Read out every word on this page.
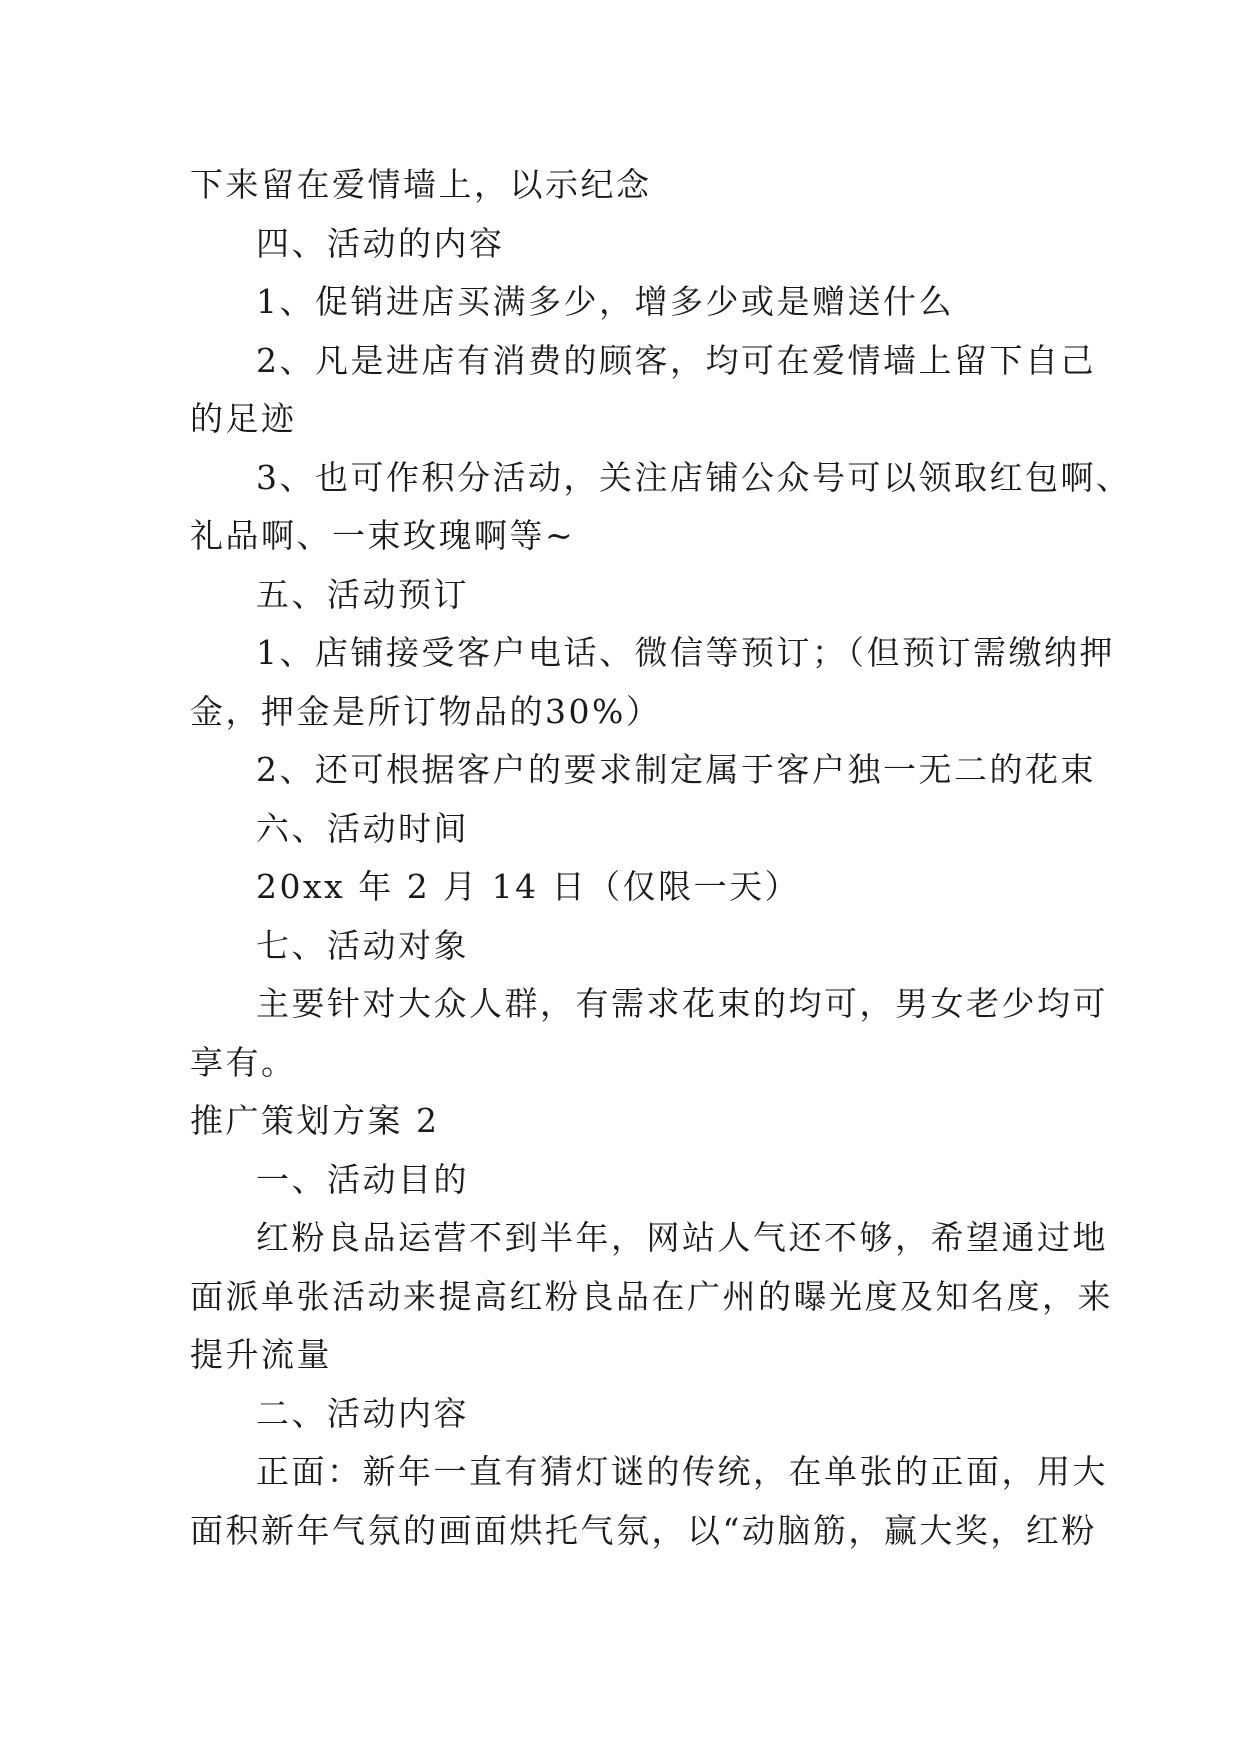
下来留在爱情墙上，以示纪念
四、活动的内容
1、促销进店买满多少，增多少或是赠送什么
2、凡是进店有消费的顾客，均可在爱情墙上留下自己
的足迹
3、也可作积分活动，关注店铺公众号可以领取红包啊、
礼品啊、一束玫瑰啊等~
五、活动预订
1、店铺接受客户电话、微信等预订；（但预订需缴纳押
金，押金是所订物品的30%）
2、还可根据客户的要求制定属于客户独一无二的花束
六、活动时间
20xx 年 2 月 14 日（仅限一天）
七、活动对象
主要针对大众人群，有需求花束的均可，男女老少均可
享有。
推广策划方案 2
一、活动目的
红粉良品运营不到半年，网站人气还不够，希望通过地
面派单张活动来提高红粉良品在广州的曝光度及知名度，来
提升流量
二、活动内容
正面：新年一直有猜灯谜的传统，在单张的正面，用大
面积新年气氛的画面烘托气氛，以“动脑筋，赢大奖，红粉
